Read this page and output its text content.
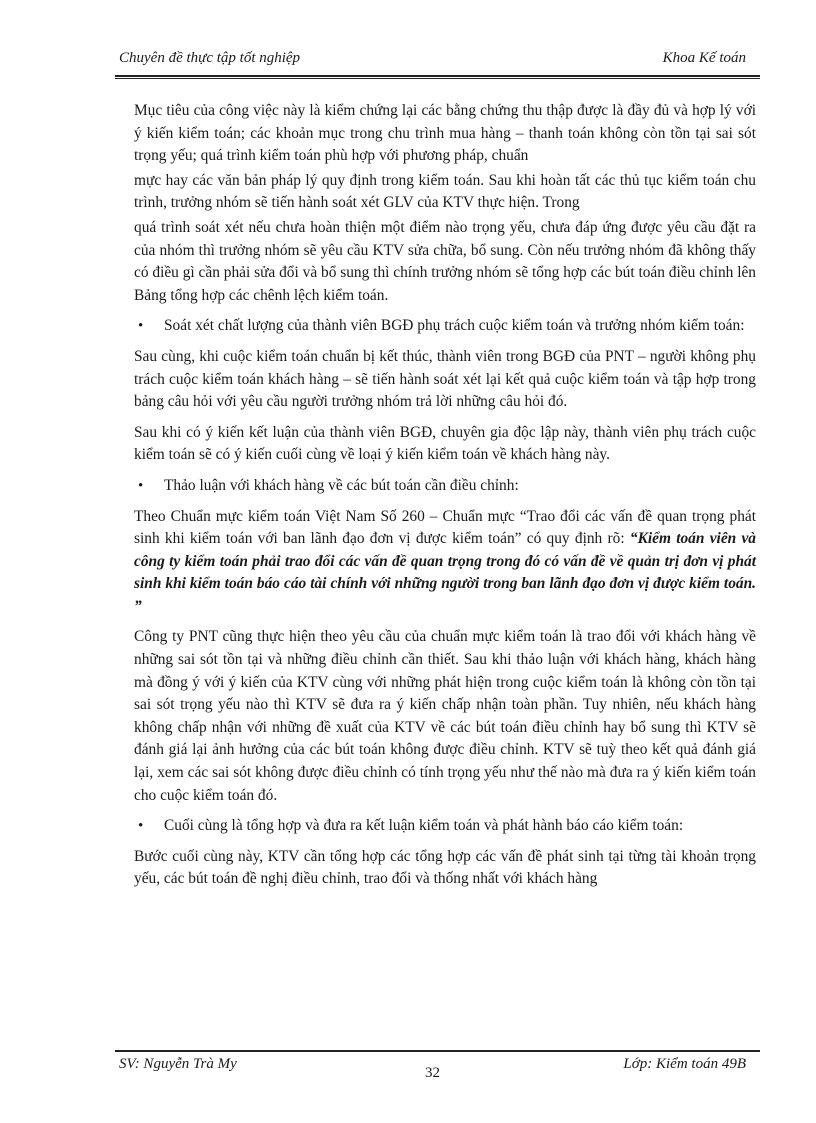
Chuyên đề thực tập tốt nghiệp	Khoa Kế toán

Mục tiêu của công việc này là kiểm chứng lại các bằng chứng thu thập được là đầy đủ và hợp lý với ý kiến kiểm toán; các khoản mục trong chu trình mua hàng – thanh toán không còn tồn tại sai sót trọng yếu; quá trình kiểm toán phù hợp với phương pháp, chuẩn

mực hay các văn bản pháp lý quy định trong kiểm toán. Sau khi hoàn tất các thủ tục kiểm toán chu trình, trưởng nhóm sẽ tiến hành soát xét GLV của KTV thực hiện. Trong

quá trình soát xét nếu chưa hoàn thiện một điểm nào trọng yếu, chưa đáp ứng được yêu cầu đặt ra của nhóm thì trưởng nhóm sẽ yêu cầu KTV sửa chữa, bổ sung. Còn nếu trưởng nhóm đã không thấy có điều gì cần phải sửa đổi và bổ sung thì chính trưởng nhóm sẽ tổng hợp các bút toán điều chỉnh lên Bảng tổng hợp các chênh lệch kiểm toán.

•	Soát xét chất lượng của thành viên BGĐ phụ trách cuộc kiểm toán và trưởng nhóm kiểm toán:

Sau cùng, khi cuộc kiểm toán chuẩn bị kết thúc, thành viên trong BGĐ của PNT – người không phụ trách cuộc kiểm toán khách hàng – sẽ tiến hành soát xét lại kết quả cuộc kiểm toán và tập hợp trong bảng câu hỏi với yêu cầu người trưởng nhóm trả lời những câu hỏi đó.

Sau khi có ý kiến kết luận của thành viên BGĐ, chuyên gia độc lập này, thành viên phụ trách cuộc kiểm toán sẽ có ý kiến cuối cùng về loại ý kiến kiểm toán về khách hàng này.

•	Thảo luận với khách hàng về các bút toán cần điều chỉnh:

Theo Chuẩn mực kiểm toán Việt Nam Số 260 – Chuẩn mực “Trao đổi các vấn đề quan trọng phát sinh khi kiểm toán với ban lãnh đạo đơn vị được kiểm toán” có quy định rõ: “Kiểm toán viên và công ty kiểm toán phải trao đổi các vấn đề quan trọng trong đó có vấn đề về quản trị đơn vị phát sinh khi kiểm toán báo cáo tài chính với những người trong ban lãnh đạo đơn vị được kiểm toán. ”

Công ty PNT cũng thực hiện theo yêu cầu của chuẩn mực kiểm toán là trao đổi với khách hàng về những sai sót tồn tại và những điều chỉnh cần thiết. Sau khi thảo luận với khách hàng, khách hàng mà đồng ý với ý kiến của KTV cùng với những phát hiện trong cuộc kiểm toán là không còn tồn tại sai sót trọng yếu nào thì KTV sẽ đưa ra ý kiến chấp nhận toàn phần. Tuy nhiên, nếu khách hàng không chấp nhận với những đề xuất của KTV về các bút toán điều chỉnh hay bổ sung thì KTV sẽ đánh giá lại ảnh hưởng của các bút toán không được điều chỉnh. KTV sẽ tuỳ theo kết quả đánh giá lại, xem các sai sót không được điều chỉnh có tính trọng yếu như thế nào mà đưa ra ý kiến kiểm toán cho cuộc kiểm toán đó.

•	Cuối cùng là tổng hợp và đưa ra kết luận kiểm toán và phát hành báo cáo kiểm toán:

Bước cuối cùng này, KTV cần tổng hợp các tổng hợp các vấn đề phát sinh tại từng tài khoản trọng yếu, các bút toán đề nghị điều chỉnh, trao đổi và thống nhất với khách hàng

SV: Nguyễn Trà My
32
Lớp: Kiểm toán 49B
